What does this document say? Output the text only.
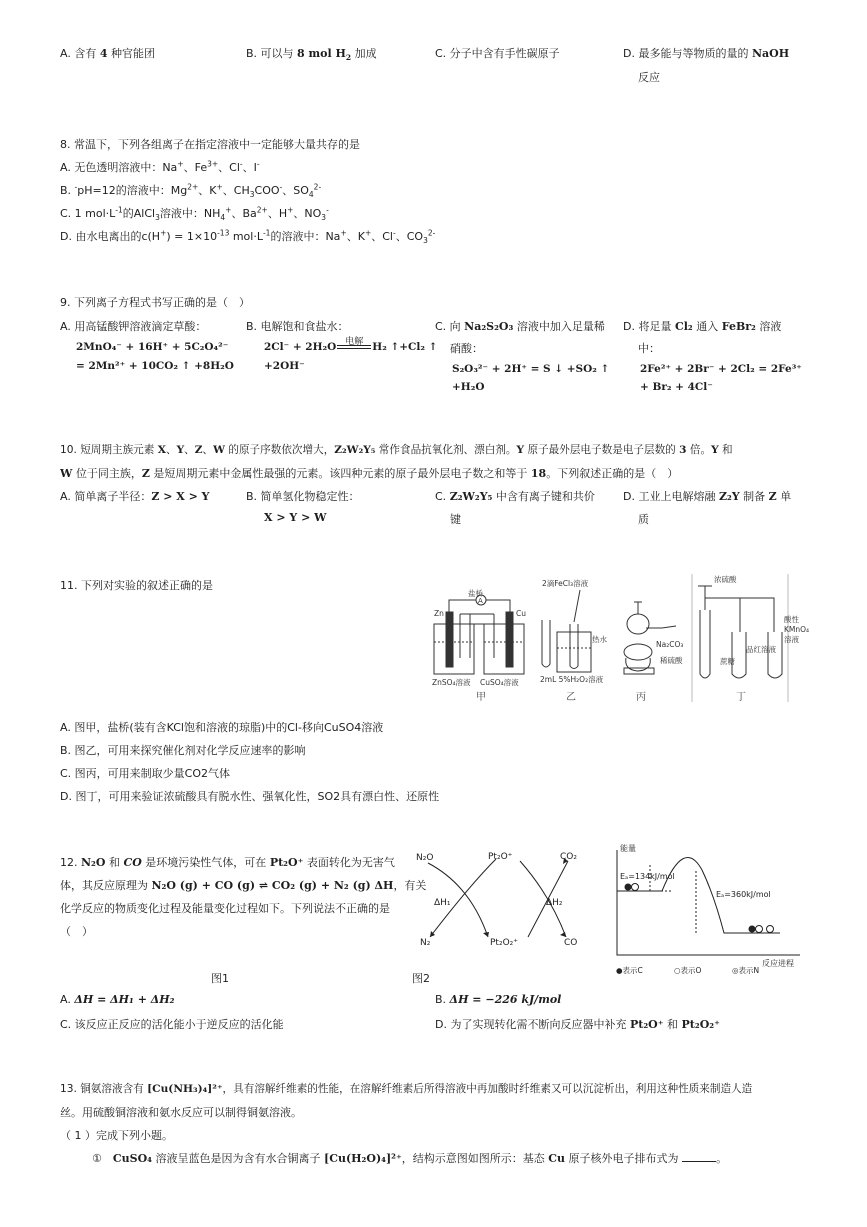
A. 含有 4 种官能团	B. 可以与 8 mol $H_2$ 加成	C. 分子中含有手性碳原子	D. 最多能与等物质的量的 NaOH
反应
8. 常温下，下列各组离子在指定溶液中一定能够大量共存的是
A. 无色透明溶液中：Na+、$Fe^{3+}$、Cl-、I-
B. -pH=12的溶液中：$Mg^{2+}$、K+、$CH_3COO^-$、$SO_4^{2-}$
C. 1 $mol\cdot L^{-1}$的AlCl$_3$溶液中：$NH_4^+$、$Ba^{2+}$、H+、$NO_3^-$
D. 由水电离出的$c(H^+) = 1\times 10^{-13}$ $mol\cdot L^{-1}$的溶液中：Na+、K+、Cl-、$CO_3^{2-}$
9. 下列离子方程式书写正确的是（　）
A. 用高锰酸钾溶液滴定草酸：
2MnO₄⁻ + 16H⁺ + 5C₂O₄²⁻
= 2Mn²⁺ + 10CO₂ ↑ +8H₂O
B. 电解饱和食盐水：
2Cl⁻ + 2H₂O 电解 H₂ ↑+Cl₂ ↑
+2OH⁻
C. 向 Na₂S₂O₃ 溶液中加入足量稀
硝酸：
S₂O₃²⁻ + 2H⁺ = S ↓ +SO₂ ↑
+H₂O
D. 将足量 Cl₂ 通入 FeBr₂ 溶液
中：
2Fe²⁺ + 2Br⁻ + 2Cl₂ = 2Fe³⁺
+ Br₂ + 4Cl⁻
10. 短周期主族元素 X、Y、Z、W 的原子序数依次增大，Z₂W₂Y₅ 常作食品抗氧化剂、漂白剂。Y 原子最外层电子数是电子层数的 3 倍。Y 和
W 位于同主族，Z 是短周期元素中金属性最强的元素。该四种元素的原子最外层电子数之和等于 18。下列叙述正确的是（　）
A. 简单离子半径：Z > X > Y	B. 简单氢化物稳定性：
X > Y > W
C. Z₂W₂Y₅ 中含有离子键和共价
键
D. 工业上电解熔融 Z₂Y 制备 Z 单
质
11. 下列对实验的叙述正确的是
A
Zn	Cu
盐桥
ZnSO₄溶液 CuSO₄溶液
2滴FeCl₃溶液
热水
2mL 5%H₂O₂溶液
Na₂CO₃
稀硫酸
浓硫酸
蔗糖
品红溶液
酸性
KMnO₄
溶液
甲	乙	丙	丁
A. 图甲，盐桥(装有含KCl饱和溶液的琼脂)中的Cl-移向CuSO4溶液
B. 图乙，可用来探究催化剂对化学反应速率的影响
C. 图丙，可用来制取少量CO2气体
D. 图丁，可用来验证浓硫酸具有脱水性、强氧化性，SO2具有漂白性、还原性
12. N₂O 和 CO 是环境污染性气体，可在 Pt₂O⁺ 表面转化为无害气
体，其反应原理为 N₂O (g) + CO (g) ⇌ CO₂ (g) + N₂ (g) ΔH，有关
化学反应的物质变化过程及能量变化过程如下。下列说法不正确的是
（　）
N₂O	Pt₂O⁺	CO₂
N₂	Pt₂O₂⁺	CO
ΔH₁	ΔH₂
能量
反应进程
Eₐ=134kJ/mol
Eₐ=360kJ/mol
●表示C	○表示O	◎表示N
图1	图2
A. ΔH = ΔH₁ + ΔH₂	B. ΔH = −226 kJ/mol
C. 该反应正反应的活化能小于逆反应的活化能	D. 为了实现转化需不断向反应器中补充 Pt₂O⁺ 和 Pt₂O₂⁺
13. 铜氨溶液含有 [Cu(NH₃)₄]²⁺，具有溶解纤维素的性能，在溶解纤维素后所得溶液中再加酸时纤维素又可以沉淀析出，利用这种性质来制造人造
丝。用硫酸铜溶液和氨水反应可以制得铜氨溶液。
（ 1 ）完成下列小题。
①　CuSO₄ 溶液呈蓝色是因为含有水合铜离子 [Cu(H₂O)₄]²⁺，结构示意图如图所示：基态 Cu 原子核外电子排布式为	。
